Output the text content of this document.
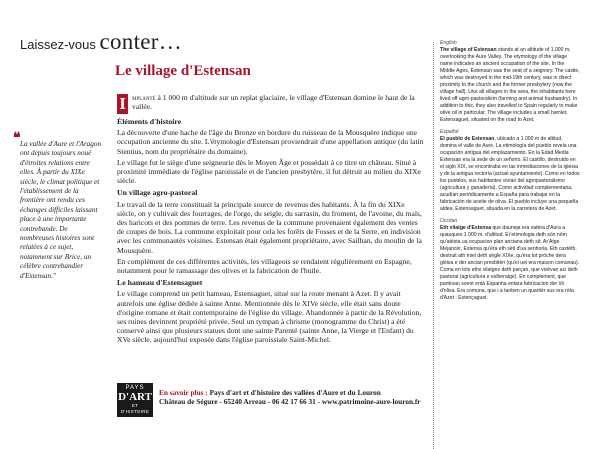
Laissez-vous conter…
Le village d'Estensan
❝ La vallée d'Aure et l'Aragon ont depuis toujours noué d'étroites relations entre elles. À partir du XIXe siècle, le climat politique et l'établissement de la frontière ont rendu ces échanges difficiles laissant place à une importante contrebande. De nombreuses histoires sont relatées à ce sujet, notamment sur Brice, un célèbre contrebandier d'Estensan."

I mplanté à 1 000 m d'altitude sur un replat glaciaire, le village d'Estensan domine le haut de la vallée.

Éléments d'histoire

La découverte d'une hache de l'âge du Bronze en bordure du ruisseau de la Mousquère indique une occupation ancienne du site. L'étymologie d'Estensan proviendrait d'une appellation antique (du latin Stentius, nom du propriétaire du domaine).

Le village fut le siège d'une seigneurie dès le Moyen Âge et possédait à ce titre un château. Situé à proximité immédiate de l'église paroissiale et de l'ancien presbytère, il fut détruit au milieu du XIXe siècle.

Un village agro-pastoral

Le travail de la terre constituait la principale source de revenus des habitants. À la fin du XIXe siècle, on y cultivait des fourrages, de l'orge, du seigle, du sarrasin, du froment, de l'avoine, du maïs, des haricots et des pommes de terre. Les revenus de la commune provenaient également des ventes de coupes de bois. La commune exploitait pour cela les forêts de Fosses et de la Serre, en indivision avec les communautés voisines. Estensan était également propriétaire, avec Sailhan, du moulin de la Mousquère.

En complément de ces différentes activités, les villageois se rendaient régulièrement en Espagne, notamment pour le ramassage des olives et la fabrication de l'huile.

Le hameau d'Estensaguet

Le village comprend un petit hameau, Estensaguet, situé sur la route menant à Azet. Il y avait autrefois une église dédiée à sainte Anne. Mentionnée dès le XIVe siècle, elle était sans doute d'origine romane et était contemporaine de l'église du village. Abandonnée à partir de la Révolution, ses ruines devinrent propriété privée. Seul un tympan à chrisme (monogramme du Christ) a été conservé ainsi que plusieurs statues dont une sainte Parenté (sainte Anne, la Vierge et l'Enfant) du XVe siècle, aujourd'hui exposée dans l'église paroissiale Saint-Michel.

PAYS
D'ART
ET D'HISTOIRE
En savoir plus : Pays d'art et d'histoire des vallées d'Aure et du Louron
Château de Ségure - 65240 Arreau - 06 42 17 66 31 - www.patrimoine-aure-louron.fr

English

The village of Estensan stands at an altitude of 1,000 m, overlooking the Aure Valley. The etymology of the village name indicates an ancient occupation of the site. In the Middle Ages, Estensan was the seat of a seignory. The castle, which was destroyed in the mid-19th century, was in direct proximity to the church and the former presbytery (now the village hall). Like all villages in the area, the inhabitants here lived off agro-pastoralism (farming and animal husbandry). In addition to this, they also travelled to Spain regularly to make olive oil in particular. The village includes a small hamlet, Estensaguet, situated on the road to Azet.

Español

El pueblo de Estensan, ubicado a 1 000 m de altitud, domina el valle de Aure. La etimología del pueblo revela una ocupación antigua del emplazamiento. En la Edad Media Estensan era la sede de un señorío. El castillo, destruido en el siglo XIX, se encontraba en las inmediaciones de la iglesia y de la antigua rectoría (actual ayuntamiento). Como en todos los pueblos, sus habitantes vivían del agropastoralismo (agricultura y ganadería). Como actividad complementaria, acudían periódicamente a España para trabajar en la fabricación de aceite de oliva. El pueblo incluye una pequeña aldea, Estensaguet, situada en la carretera de Azet.

Occitan

Eth vilatge d'Estensa que dauneja era vatèra d'Aura a quauques 1 000 m. d'altitud. Er'etimologia deth sòn nòm qu'atèsta ua ocupacion plan anciana deth sit. Ar'Atge Mejancèr, Estensa qu'èra eth sèti d'ua senhoria. Eth castèth, destruit ath miei deth sègle XIXe, qu'èra tot pròche dera glèisa e der ancian presbitèri (qu'ei uei era maison comunau). Coma en tots eths vilatges deth parçan, que vivèvan aci deth pastorat (agricultura e eslheratge). En complement, que partèvan soent entà Espanha entara fabricacion der òli d'oliva. Era comuna, que i a tanben un quartièr sus era ròta d'Azet : Estençaguet.
